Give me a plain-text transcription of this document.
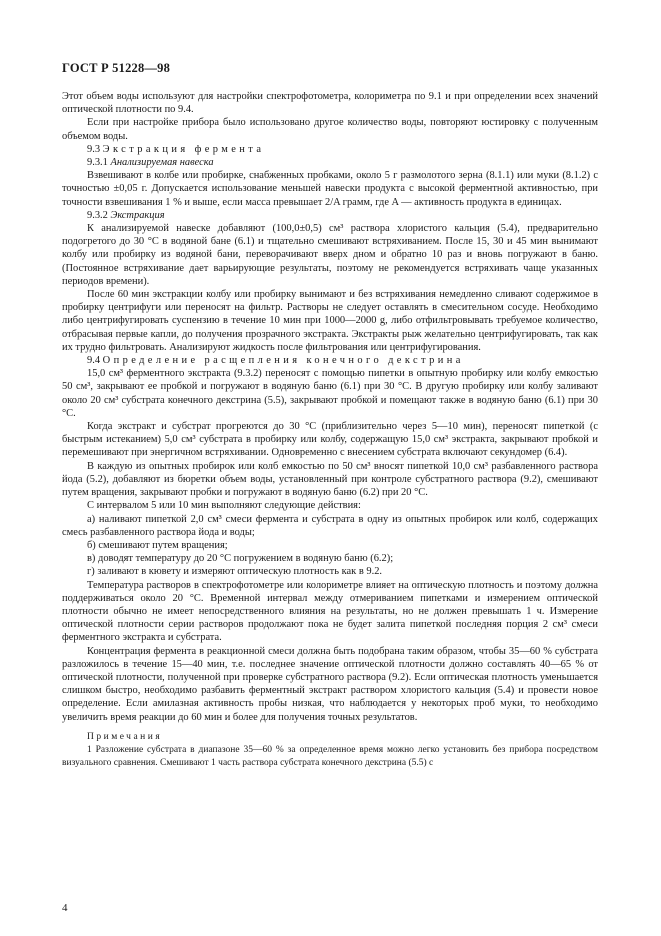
ГОСТ Р 51228—98

Этот объем воды используют для настройки спектрофотометра, колориметра по 9.1 и при определении всех значений оптической плотности по 9.4.

Если при настройке прибора было использовано другое количество воды, повторяют юстировку с полученным объемом воды.

9.3 Экстракция фермента

9.3.1 Анализируемая навеска

Взвешивают в колбе или пробирке, снабженных пробками, около 5 г размолотого зерна (8.1.1) или муки (8.1.2) с точностью ±0,05 г. Допускается использование меньшей навески продукта с высокой ферментной активностью, при точности взвешивания 1 % и выше, если масса превышает 2/A грамм, где A — активность продукта в единицах.

9.3.2 Экстракция

К анализируемой навеске добавляют (100,0±0,5) см³ раствора хлористого кальция (5.4), предварительно подогретого до 30 °С в водяной бане (6.1) и тщательно смешивают встряхиванием. После 15, 30 и 45 мин вынимают колбу или пробирку из водяной бани, переворачивают вверх дном и обратно 10 раз и вновь погружают в баню. (Постоянное встряхивание дает варьирующие результаты, поэтому не рекомендуется встряхивать чаще указанных периодов времени).

После 60 мин экстракции колбу или пробирку вынимают и без встряхивания немедленно сливают содержимое в пробирку центрифуги или переносят на фильтр. Растворы не следует оставлять в смесительном сосуде. Необходимо либо центрифугировать суспензию в течение 10 мин при 1000—2000 g, либо отфильтровывать требуемое количество, отбрасывая первые капли, до получения прозрачного экстракта. Экстракты рыж желательно центрифугировать, так как их трудно фильтровать. Анализируют жидкость после фильтрования или центрифугирования.

9.4 Определение расщепления конечного декстрина

15,0 см³ ферментного экстракта (9.3.2) переносят с помощью пипетки в опытную пробирку или колбу емкостью 50 см³, закрывают ее пробкой и погружают в водяную баню (6.1) при 30 °С. В другую пробирку или колбу заливают около 20 см³ субстрата конечного декстрина (5.5), закрывают пробкой и помещают также в водяную баню (6.1) при 30 °С.

Когда экстракт и субстрат прогреются до 30 °С (приблизительно через 5—10 мин), переносят пипеткой (с быстрым истеканием) 5,0 см³ субстрата в пробирку или колбу, содержащую 15,0 см³ экстракта, закрывают пробкой и перемешивают при энергичном встряхивании. Одновременно с внесением субстрата включают секундомер (6.4).

В каждую из опытных пробирок или колб емкостью по 50 см³ вносят пипеткой 10,0 см³ разбавленного раствора йода (5.2), добавляют из бюретки объем воды, установленный при контроле субстратного раствора (9.2), смешивают путем вращения, закрывают пробки и погружают в водяную баню (6.2) при 20 °С.

С интервалом 5 или 10 мин выполняют следующие действия:

а) наливают пипеткой 2,0 см³ смеси фермента и субстрата в одну из опытных пробирок или колб, содержащих смесь разбавленного раствора йода и воды;

б) смешивают путем вращения;

в) доводят температуру до 20 °С погружением в водяную баню (6.2);

г) заливают в кювету и измеряют оптическую плотность как в 9.2.

Температура растворов в спектрофотометре или колориметре влияет на оптическую плотность и поэтому должна поддерживаться около 20 °С. Временной интервал между отмериванием пипетками и измерением оптической плотности обычно не имеет непосредственного влияния на результаты, но не должен превышать 1 ч. Измерение оптической плотности серии растворов продолжают пока не будет залита пипеткой последняя порция 2 см³ смеси ферментного экстракта и субстрата.

Концентрация фермента в реакционной смеси должна быть подобрана таким образом, чтобы 35—60 % субстрата разложилось в течение 15—40 мин, т.е. последнее значение оптической плотности должно составлять 40—65 % от оптической плотности, полученной при проверке субстратного раствора (9.2). Если оптическая плотность уменьшается слишком быстро, необходимо разбавить ферментный экстракт раствором хлористого кальция (5.4) и провести новое определение. Если амилазная активность пробы низкая, что наблюдается у некоторых проб муки, то необходимо увеличить время реакции до 60 мин и более для получения точных результатов.

Примечания

1 Разложение субстрата в диапазоне 35—60 % за определенное время можно легко установить без прибора посредством визуального сравнения. Смешивают 1 часть раствора субстрата конечного декстрина (5.5) с

4
